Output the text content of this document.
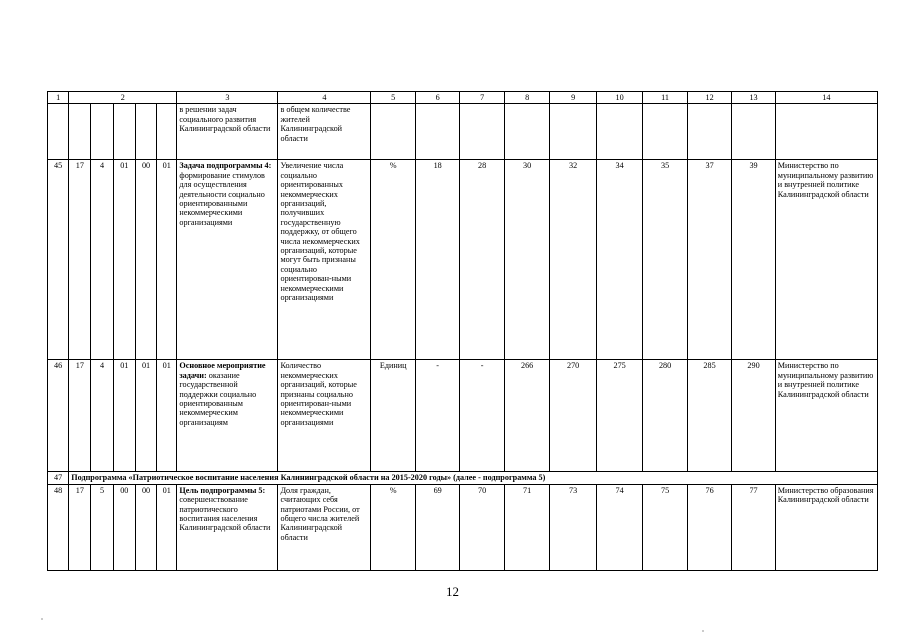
1	2					3	4	5	6	7	8	9	10	11	12	13	14
						в решении задач социального развития Калининградской области	в общем количестве жителей Калининградской области										
45	17	4	01	00	01	Задача подпрограммы 4: формирование стимулов для осуществления деятельности социально ориентированными некоммерческими организациями	Увеличение числа социально ориентированных некоммерческих организаций, получивших государственную поддержку, от общего числа некоммерческих организаций, которые могут быть признаны социально ориентирован-ными некоммерческими организациями	%	18	28	30	32	34	35	37	39	Министерство по муниципальному развитию и внутренней политике Калининградской области
46	17	4	01	01	01	Основное мероприятие задачи: оказание государственной поддержки социально ориентированным некоммерческим организациям	Количество некоммерческих организаций, которые признаны социально ориентирован-ными некоммерческими организациями	Единиц	-	-	266	270	275	280	285	290	Министерство по муниципальному развитию и внутренней политике Калининградской области
47	Подпрограмма «Патриотическое воспитание населения Калининградской области на 2015-2020 годы» (далее - подпрограмма 5)																
48	17	5	00	00	01	Цель подпрограммы 5: совершенствование патриотического воспитания населения Калининградской области	Доля граждан, считающих себя патриотами России, от общего числа жителей Калининградской области	%	69	70	71	73	74	75	76	77	Министерство образования Калининградской области
12
